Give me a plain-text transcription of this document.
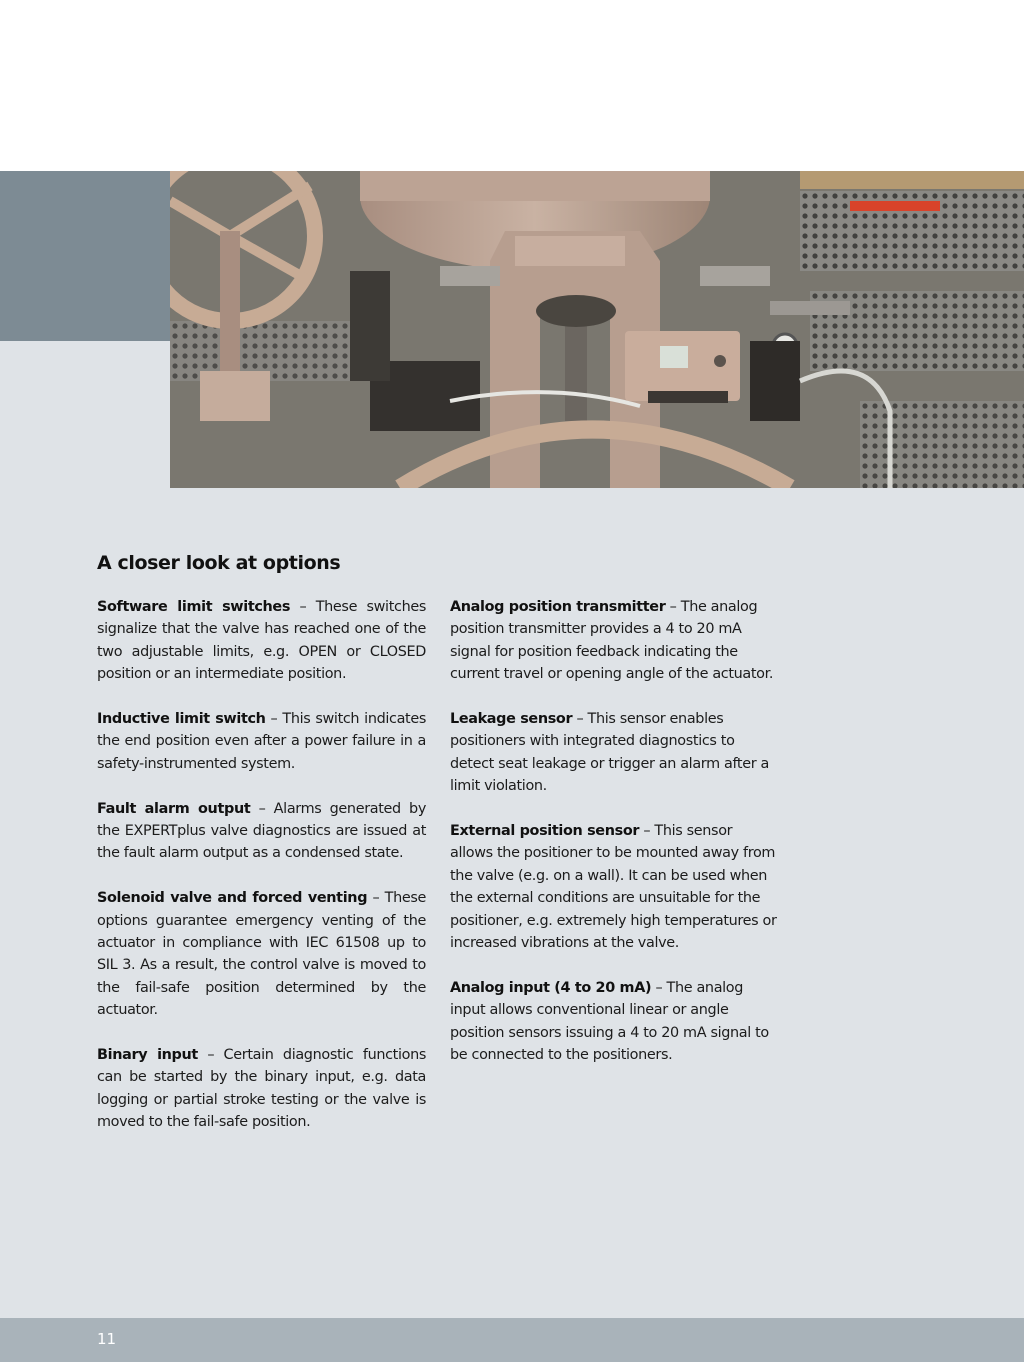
A closer look at options

Software limit switches – These switches signalize that the valve has reached one of the two adjustable limits, e.g. OPEN or CLOSED position or an intermediate position.

Inductive limit switch – This switch indicates the end position even after a power failure in a safety-instrumented system.

Fault alarm output – Alarms generated by the EXPERTplus valve diagnostics are issued at the fault alarm output as a condensed state.

Solenoid valve and forced venting – These options guarantee emergency venting of the actuator in compliance with IEC 61508 up to SIL 3. As a result, the control valve is moved to the fail-safe position determined by the actuator.

Binary input – Certain diagnostic functions can be started by the binary input, e.g. data logging or partial stroke testing or the valve is moved to the fail-safe position.

Analog position transmitter – The analog position transmitter provides a 4 to 20 mA signal for position feedback indicating the current travel or opening angle of the actuator.

Leakage sensor – This sensor enables positioners with integrated diagnostics to detect seat leakage or trigger an alarm after a limit violation.

External position sensor – This sensor allows the positioner to be mounted away from the valve (e.g. on a wall). It can be used when the external conditions are unsuitable for the positioner, e.g. extremely high temperatures or increased vibrations at the valve.

Analog input (4 to 20 mA) – The analog input allows conventional linear or angle position sensors issuing a 4 to 20 mA signal to be connected to the positioners.

11
